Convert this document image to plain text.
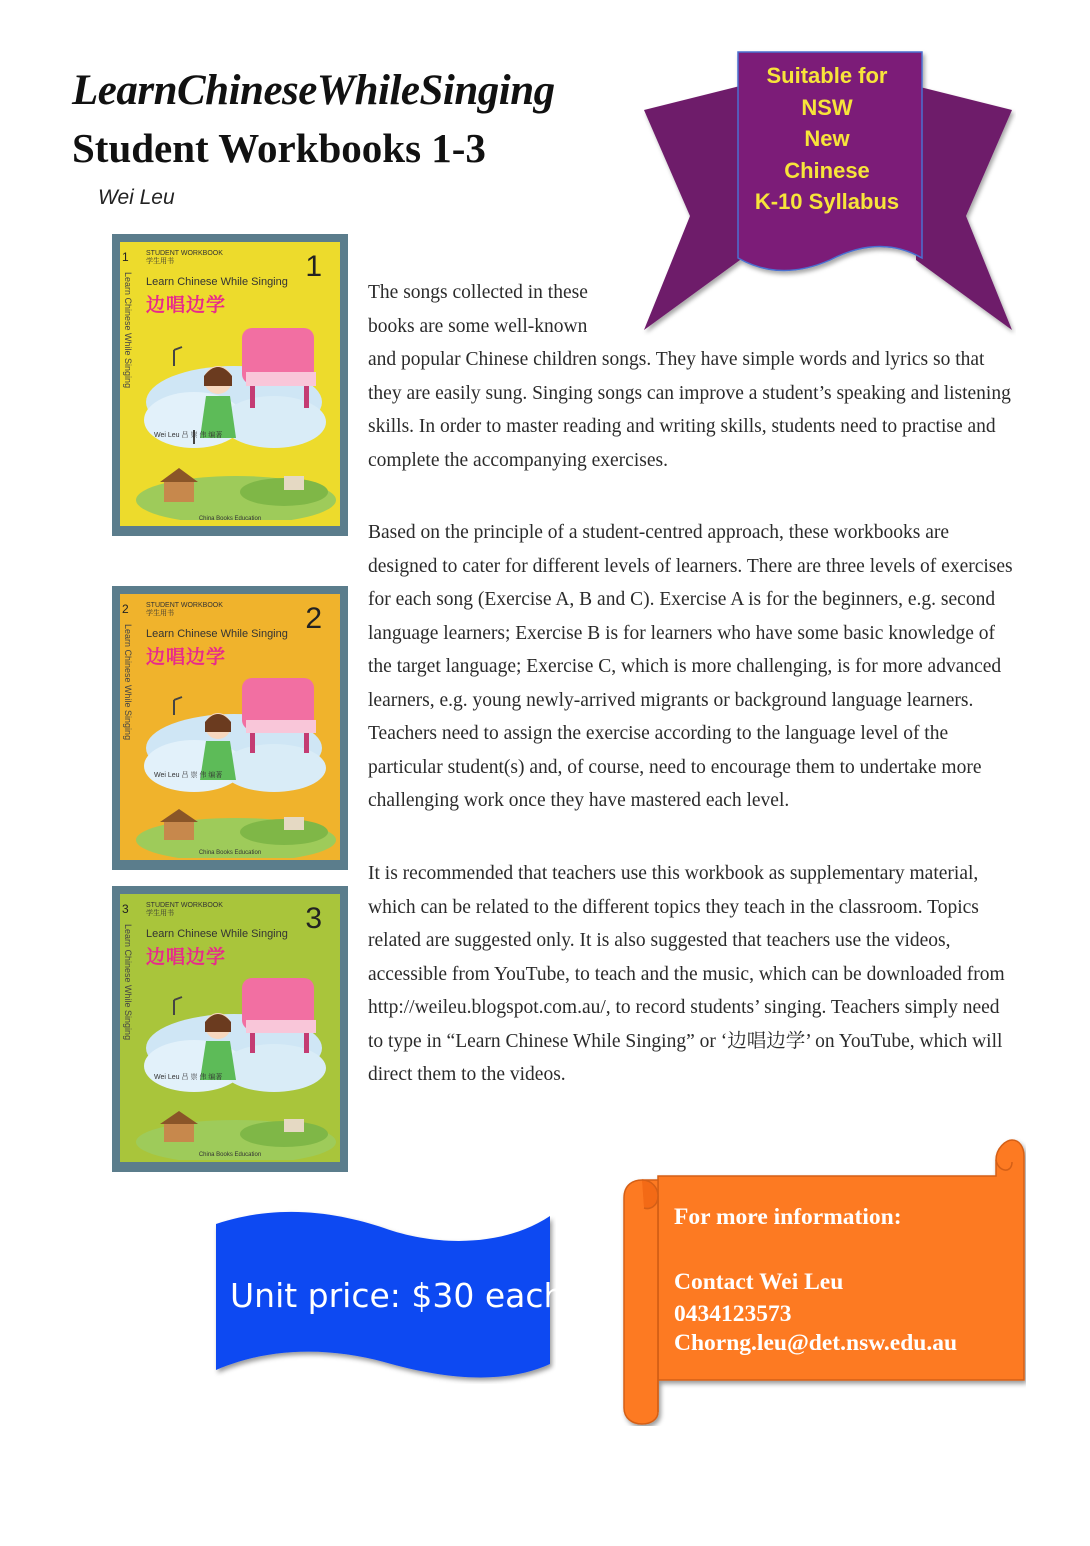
LearnChineseWhileSinging
Student Workbooks 1-3
Wei Leu
Suitable for
NSW
New
Chinese
K-10 Syllabus
1
Learn Chinese While Singing
STUDENT WORKBOOK
学生用书
Learn Chinese While Singing
边唱边学
1
Wei Leu 吕 崇 伟 编著
China Books Education
2
Learn Chinese While Singing
STUDENT WORKBOOK
学生用书
Learn Chinese While Singing
边唱边学
2
Wei Leu 吕 崇 伟 编著
China Books Education
3
Learn Chinese While Singing
STUDENT WORKBOOK
学生用书
Learn Chinese While Singing
边唱边学
3
Wei Leu 吕 崇 伟 编著
China Books Education
The songs collected in these
books are some well-known
and popular Chinese children songs. They have simple words and lyrics so that they are easily sung. Singing songs can improve a student’s speaking and listening skills. In order to master reading and writing skills, students need to practise and complete the accompanying exercises.
Based on the principle of a student-centred approach, these workbooks are designed to cater for different levels of learners. There are three levels of exercises for each song (Exercise A, B and C). Exercise A is for the beginners, e.g. second language learners; Exercise B is for learners who have some basic knowledge of the target language; Exercise C, which is more challenging, is for more advanced learners, e.g. young newly-arrived migrants or background language learners. Teachers need to assign the exercise according to the language level of the particular student(s) and, of course, need to encourage them to undertake more challenging work once they have mastered each level.
It is recommended that teachers use this workbook as supplementary material, which can be related to the different topics they teach in the classroom. Topics related are suggested only. It is also suggested that teachers use the videos, accessible from YouTube, to teach and the music, which can be downloaded from http://weileu.blogspot.com.au/, to record students’ singing. Teachers simply need to type in “Learn Chinese While Singing” or ‘边唱边学’ on YouTube, which will direct them to the videos.
Unit price: $30 each
For more information:
Contact Wei Leu
0434123573
Chorng.leu@det.nsw.edu.au
